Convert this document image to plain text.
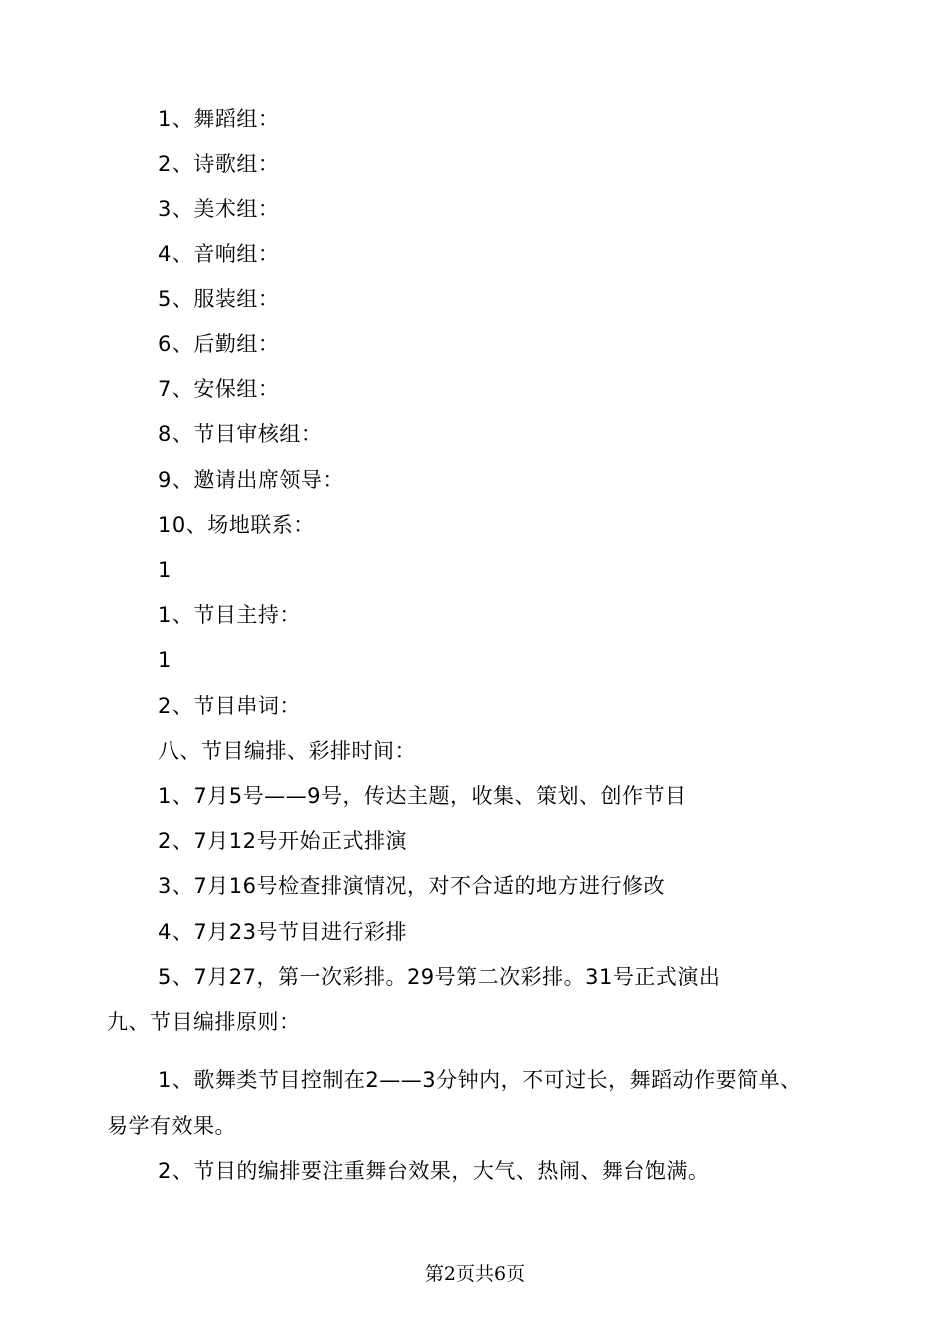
1、舞蹈组：
2、诗歌组：
3、美术组：
4、音响组：
5、服装组：
6、后勤组：
7、安保组：
8、节目审核组：
9、邀请出席领导：
10、场地联系：
1
1、节目主持：
1
2、节目串词：
八、节目编排、彩排时间：
1、7月5号——9号，传达主题，收集、策划、创作节目
2、7月12号开始正式排演
3、7月16号检查排演情况，对不合适的地方进行修改
4、7月23号节目进行彩排
5、7月27，第一次彩排。29号第二次彩排。31号正式演出
九、节目编排原则：
1、歌舞类节目控制在2——3分钟内，不可过长，舞蹈动作要简单、
易学有效果。
2、节目的编排要注重舞台效果，大气、热闹、舞台饱满。
第2页共6页
